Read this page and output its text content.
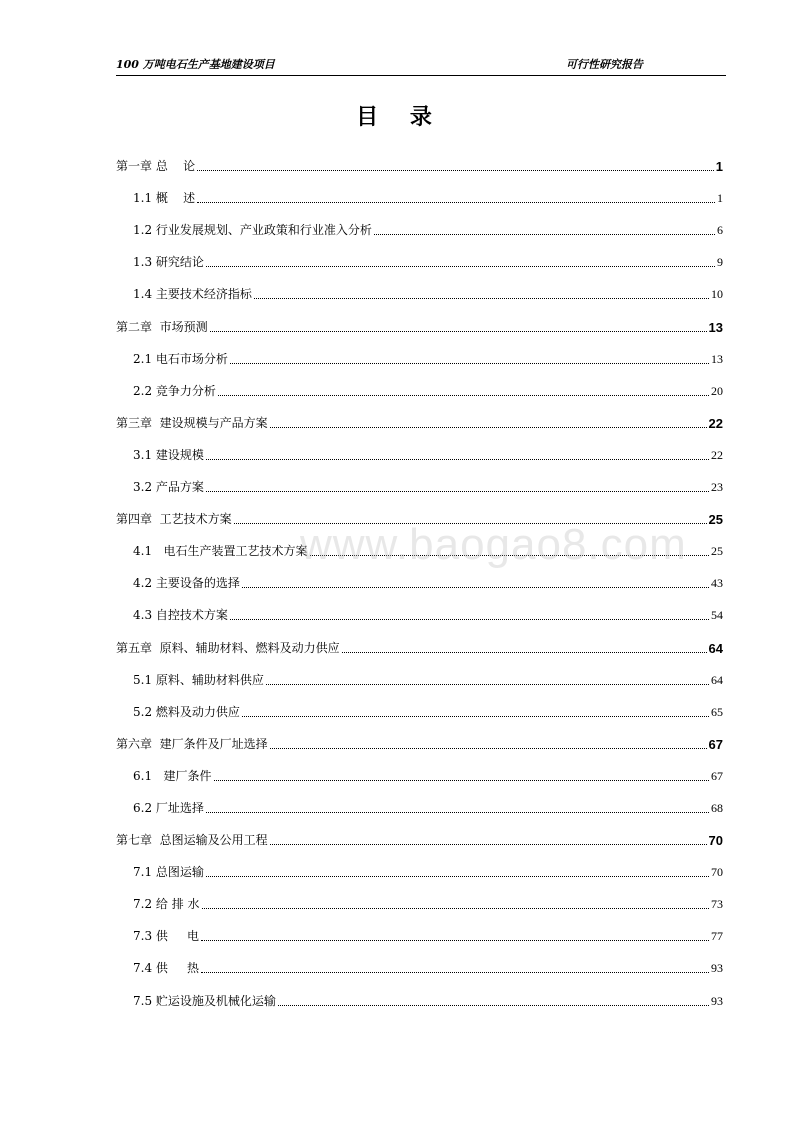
100 万吨电石生产基地建设项目	可行性研究报告
目 录
第一章 总    论	1
1.1 概    述	1
1.2 行业发展规划、产业政策和行业准入分析	6
1.3 研究结论	9
1.4 主要技术经济指标	10
第二章  市场预测	13
2.1 电石市场分析	13
2.2 竞争力分析	20
第三章  建设规模与产品方案	22
3.1 建设规模	22
3.2 产品方案	23
第四章  工艺技术方案	25
4.1   电石生产装置工艺技术方案	25
4.2 主要设备的选择	43
4.3 自控技术方案	54
第五章  原料、辅助材料、燃料及动力供应	64
5.1 原料、辅助材料供应	64
5.2 燃料及动力供应	65
第六章  建厂条件及厂址选择	67
6.1   建厂条件	67
6.2 厂址选择	68
第七章  总图运输及公用工程	70
7.1 总图运输	70
7.2 给 排 水	73
7.3 供     电	77
7.4 供     热	93
7.5 贮运设施及机械化运输	93
www.baogao8.com
